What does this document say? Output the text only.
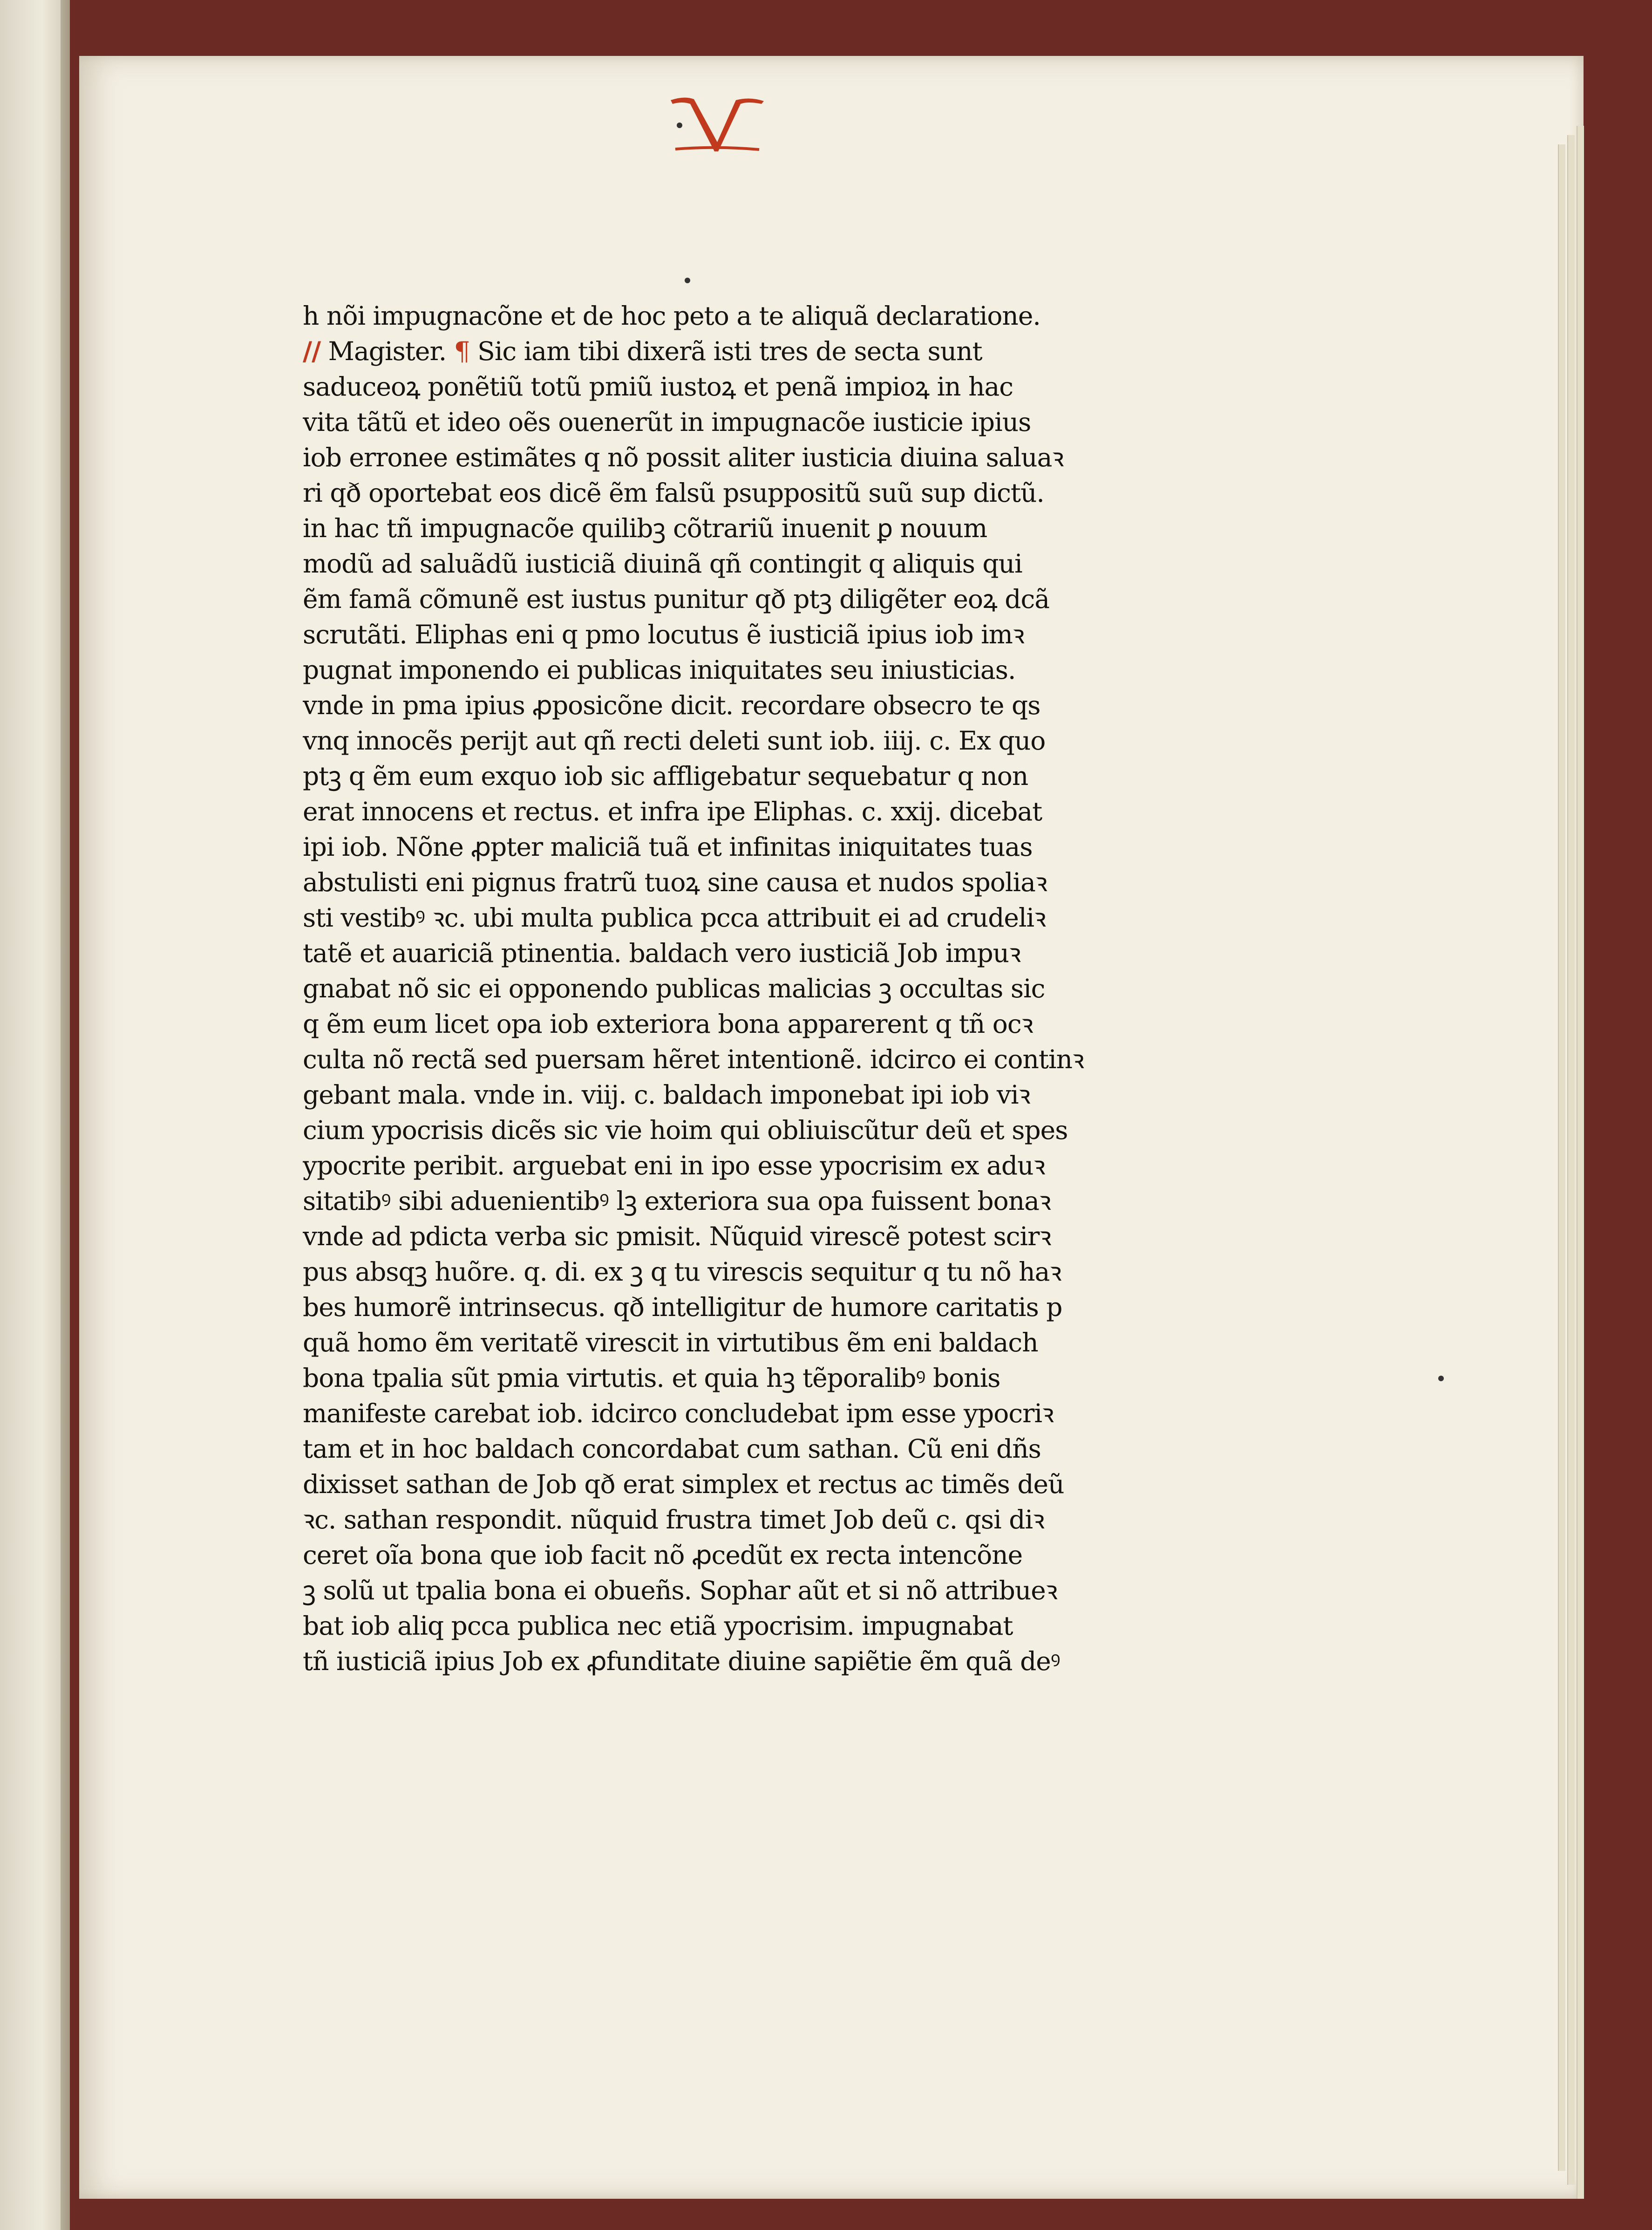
h nõi impugnacõne et de hoc peto a te aliquã declaratione.
// Magister. ¶ Sic iam tibi dixerã isti tres de secta sunt
saduceoꝝ ponẽtiũ totũ pmiũ iustoꝝ et penã impioꝝ in hac
vita tãtũ et ideo oẽs ouenerũt in impugnacõe iusticie ipius
iob erronee estimãtes q nõ possit aliter iusticia diuina saluaꝛ
ri qð oportebat eos dicẽ ẽm falsũ psuppositũ suũ sup dictũ.
in hac tñ impugnacõe quilibꝫ cõtrariũ inuenit ꝑ nouum
modũ ad saluãdũ iusticiã diuinã qñ contingit q aliquis qui
ẽm famã cõmunẽ est iustus punitur qð ptꝫ diligẽter eoꝝ dcã
scrutãti. Eliphas eni q pmo locutus ẽ iusticiã ipius iob imꝛ
pugnat imponendo ei publicas iniquitates seu iniusticias.
vnde in pma ipius ꝓposicõne dicit. recordare obsecro te qs
vnq innocẽs perijt aut qñ recti deleti sunt iob. iiij. c. Ex quo
ptꝫ q ẽm eum exquo iob sic affligebatur sequebatur q non
erat innocens et rectus. et infra ipe Eliphas. c. xxij. dicebat
ipi iob. Nõne ꝓpter maliciã tuã et infinitas iniquitates tuas
abstulisti eni pignus fratrũ tuoꝝ sine causa et nudos spoliaꝛ
sti vestibꝰ ꝛc. ubi multa publica pcca attribuit ei ad crudeliꝛ
tatẽ et auariciã ptinentia. baldach vero iusticiã Job impuꝛ
gnabat nõ sic ei opponendo publicas malicias ꝫ occultas sic
q ẽm eum licet opa iob exteriora bona apparerent q tñ ocꝛ
culta nõ rectã sed puersam hẽret intentionẽ. idcirco ei continꝛ
gebant mala. vnde in. viij. c. baldach imponebat ipi iob viꝛ
cium ypocrisis dicẽs sic vie hoim qui obliuiscũtur deũ et spes
ypocrite peribit. arguebat eni in ipo esse ypocrisim ex aduꝛ
sitatibꝰ sibi aduenientibꝰ lꝫ exteriora sua opa fuissent bonaꝛ
vnde ad pdicta verba sic pmisit. Nũquid virescẽ potest scirꝛ
pus absqꝫ huõre. q. di. ex ꝫ q tu virescis sequitur q tu nõ haꝛ
bes humorẽ intrinsecus. qð intelligitur de humore caritatis p
quã homo ẽm veritatẽ virescit in virtutibus ẽm eni baldach
bona tpalia sũt pmia virtutis. et quia hꝫ tẽporalibꝰ bonis
manifeste carebat iob. idcirco concludebat ipm esse ypocriꝛ
tam et in hoc baldach concordabat cum sathan. Cũ eni dñs
dixisset sathan de Job qð erat simplex et rectus ac timẽs deũ
ꝛc. sathan respondit. nũquid frustra timet Job deũ c. qsi diꝛ
ceret oĩa bona que iob facit nõ ꝓcedũt ex recta intencõne
ꝫ solũ ut tpalia bona ei obueñs. Sophar aũt et si nõ attribueꝛ
bat iob aliq pcca publica nec etiã ypocrisim. impugnabat
tñ iusticiã ipius Job ex ꝓfunditate diuine sapiẽtie ẽm quã deꝰ
